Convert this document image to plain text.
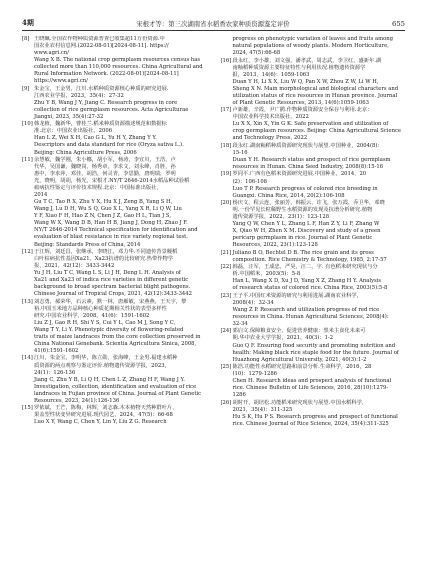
4期	宋根才等：第三次湖南省水稻香农家种质资源鉴定评价	655
[8] 王晓珮.全国农作物种质资源普查已收集超11万份资源.中
国农业农村信息网.(2022-08-01)[2024-08-11]. https://
www.agri.cn/
Wang X B. The national crop germplasm resources census has
collected more than 110,000 resources. China Agricultural and
Rural Information Network. (2022-08-01)[2024-08-11]
https://www.agri.cn/
[9] 朱金宝，王金男，江川.水稻种质资源核心种质的研究进展.
江西农业学报，2023，35(4)：27-32
Zhu Y B, Wang J Y, Jiang C. Research progress in core
collection of rice germplasm resources. Acta Agriculturae
Jiangxi, 2023, 35(4):27-32
[10] 韩龙植，魏新华，曹桂兰.稻米种质资源描述规范和数据标
准.北京：中国农业出版社，2006
Han L Z, Wei X H, Cao G L, Yu H Y, Zhang Y Y.
Descriptors and data standard for rice (Oryza sativa L.).
Beijing: China Agriculture Press, 2006
[11] 余慧敏，魏学刚，朱小娜，胡小军，杨涛，李宜川，王浩，卢
代华，吴国谦，魏晓岗，杨秀章，李求文，刘永峰，肖胜，孙
惠中，李求萍，邓佳，胡浩，何灵青，李思勤，唐明瑞，罗明
光，晓明，胡胡，杨光，宋根才.NY/T 2646-2014水稻品种试验稻
瘟病抗性鉴定与评价技术规程.北京：中国标准出版社，
2014
Gu T C, Tao R X, Zhu Y X, Hu X J, Zeng B, Yang S H,
Wang J, Lu D H, Wu S Q, Guo X L, Yang X R, Li Q W, Liu
Y F, Xiao F H, Hao Z N, Chen J Z, Gao H L, Tian J S,
Wang W X, Wang D B, Han H B, Jiang J, Dong H, Zhao J F.
NY/T 2646-2014 Technical specification for identification and
evaluation of blast resistance in rice variety regional test.
Beijing: Standards Press of China, 2014
[12] 于江辉，刘廷昌，张继承，李晓江，邓力华.不同遗传背景粳稻
白叶枯病抗性基因Xa21、Xa23抗谱的比较研究.热带作物学
报，2021，42(12)：3433-3442
Yu J H, Liu T C, Wang L S, Li J H, Deng L H. Analysis of
Xa21 and Xa23 of indica rice varieties in different genetic
background to broad spectrum bacterial blight pathogens.
Chinese Journal of Tropical Crops, 2021, 42(12):3433-3442
[13] 刘志勇，郝荣华，石云素，默一林，唐雁敏，宋燕燕，王天宇，黎
裕.中国玉米地方品种核心种质花期相关性状的表型多样性
研究.中国农业科学，2008，41(6)：1591-1602
Liu Z J, Gao R H, Shi Y S, Cui Y L, Cao M J, Song Y C,
Wang T Y, Li Y. Phenotypic diversity of flowering-related
traits of maize landraces from the core collection preserved in
China National Genebank. Scientia Agricultura Sinica, 2008,
41(6):1591-1602
[14] 江川，朱金宝，李明华，陈立勋，张海峰，王金男.福建水稻种
质资源的两点观察与鉴定评价.植物遗传资源学报，2023，
24(1)：126-136
Jiang C, Zhu Y B, Li Q H, Chen L Z, Zhang H F, Wang J Y.
Investigation, collection, identification and evaluation of rice
landraces in Fujian province of China. Journal of Plant Genetic
Resources, 2023, 24(1):126-136
[15] 罗依斌，王芒，陈梅，林辉，刘志森.木本植物天然种群叶片、
果盖型性状变异研究进展.现代园艺，2024，47(5)：66-68
Luo X Y, Wang C, Chen Y, Lin Y, Liu Z G. Research
progress on phenotypic variation of leaves and fruits among
natural populations of woody plants. Modern Horticulture,
2024, 47(5):66-68
[16] 段永红，李小雄，刘文强，潘孝武，周志武，李卫红，盛新年.湖
南籼稻种质资源主要特征特性与利用状况.植物遗传资源学
报，2013，14(6)：1059-1063
Duan Y H, Li X X, Liu W Q, Pan X W, Zhou Z W, Li W H,
Sheng X N. Main morphological and biological characters and
utilization status of rice resources in Hunan province. Journal
of Plant Genetic Resources, 2013, 14(6):1059-1063
[17] 卢新雄，辛霞，尹广鹍.作物种质资源安全保存与利用.北京：
中国农业科学技术出版社，2022
Lu X X, Xin X, Yin G K. Safe preservation and utilization of
crop germplasm resources. Beijing: China Agricultural Science
and Technology Press, 2022
[18] 段永红.湖南籼稻种质资源研究现状与展望.中国种业，2004(8)：
15-16
Duan Y H. Research status and prospect of rice germplasm
resources in Hunan. China Seed Industry, 2008(8):15-16
[19] 罗同平.广西有色稻米资源研究进展.中国种业，2014，20
(2)：106-108
Luo T P. Research progress of colored rice breeding in
Guangxi. China Rice, 2014, 20(2):106-108
[20] 杨庆文，程云连，张丽芳，韩振云，许飞，张万霞，乔卫华，邓晓
明.一份罕见长粒稀野生水稻资源的发现及抗谱分析研究.植物
遗传资源学报，2022，23(1)：123-128
Yang Q W, Chen Y L, Zhang L F, Han Z Y, Li F, Zhang W
X, Qiao W H, Zhen X M. Discovery and study of a green
pericarp germplasm in rice. Journal of Plant Genetic
Resources, 2022, 23(1):123-128
[21] Juliano B O, Bechtel D B. The rice grain and its gross
composition. Rice Chemistry & Technology, 1985, 2:17-57
[22] 韩磊，汪军，王成忠，严昊，汪二，宇. 有色稻米研究现状与分
析.中国稻米，2003(5)：5-8
Han L, Wang X D, Xu J D, Yang X Z, Zhang H Y. Analysis
of research status of colored rice. China Rice, 2003(5):5-8
[23] 王子平.中国红米资源的研究与利用进展.湖南农业科学，
2008(4)：32-34
Wang Z P. Research and utilization progress of red rice
resources in China. Hunan Agricultural Sciences, 2008(4):
32-34
[24] 郭启文.保障粮食安全，促进营养健康：黑米主食化未来可
期.华中农业大学学报，2021，40(3)：1-2
Guo Q F. Ensuring food security and promoting nutrition and
health: Making black rice staple food for the future. Journal of
Huazhong Agricultural University, 2021, 40(3):1-2
[25] 陈浩.功能性水稻研究思路和前景分析.生命科学，2016，28
(10)：1279-1286
Chen H. Research ideas and prospect analysis of functional
rice. Chinese Bulletin of Life Sciences, 2016, 28(10):1279-
1286
[26] 胡时开，胡培松.功能稻米研究现状与展望.中国水稻科学，
2021，35(4)：311-325
Hu S K, Hu P S. Research progress and prospect of functional
rice. Chinese Journal of Rice Science, 2024, 35(4):311-325
